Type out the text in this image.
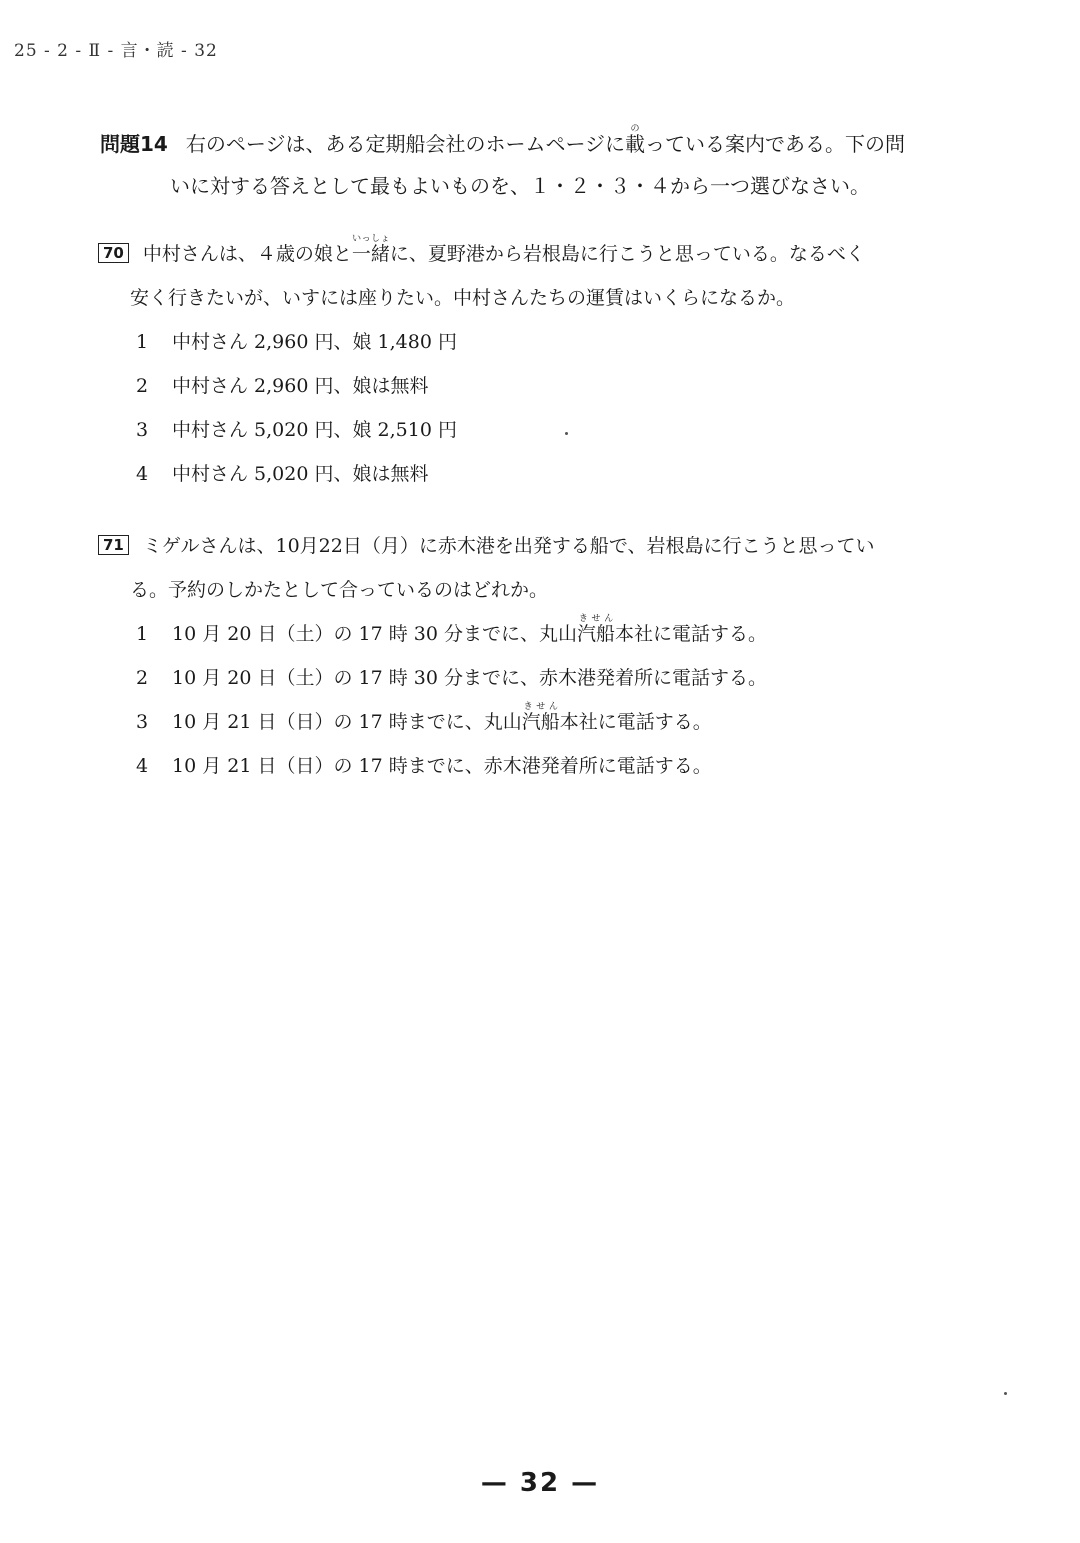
25 - 2 - Ⅱ - 言・読 - 32
問題14 右のページは、ある定期船会社のホームページに載のっている案内である。下の問
いに対する答えとして最もよいものを、１・２・３・４から一つ選びなさい。
70 中村さんは、４歳の娘と一緒いっしょに、夏野港から岩根島に行こうと思っている。なるべく
安く行きたいが、いすには座りたい。中村さんたちの運賃はいくらになるか。
1 中村さん 2,960 円、娘 1,480 円
2 中村さん 2,960 円、娘は無料
3 中村さん 5,020 円、娘 2,510 円
4 中村さん 5,020 円、娘は無料
71 ミゲルさんは、10月22日（月）に赤木港を出発する船で、岩根島に行こうと思ってい
る。予約のしかたとして合っているのはどれか。
1 10 月 20 日（土）の 17 時 30 分までに、丸山汽船きせん本社に電話する。
2 10 月 20 日（土）の 17 時 30 分までに、赤木港発着所に電話する。
3 10 月 21 日（日）の 17 時までに、丸山汽船きせん本社に電話する。
4 10 月 21 日（日）の 17 時までに、赤木港発着所に電話する。
— 32 —
